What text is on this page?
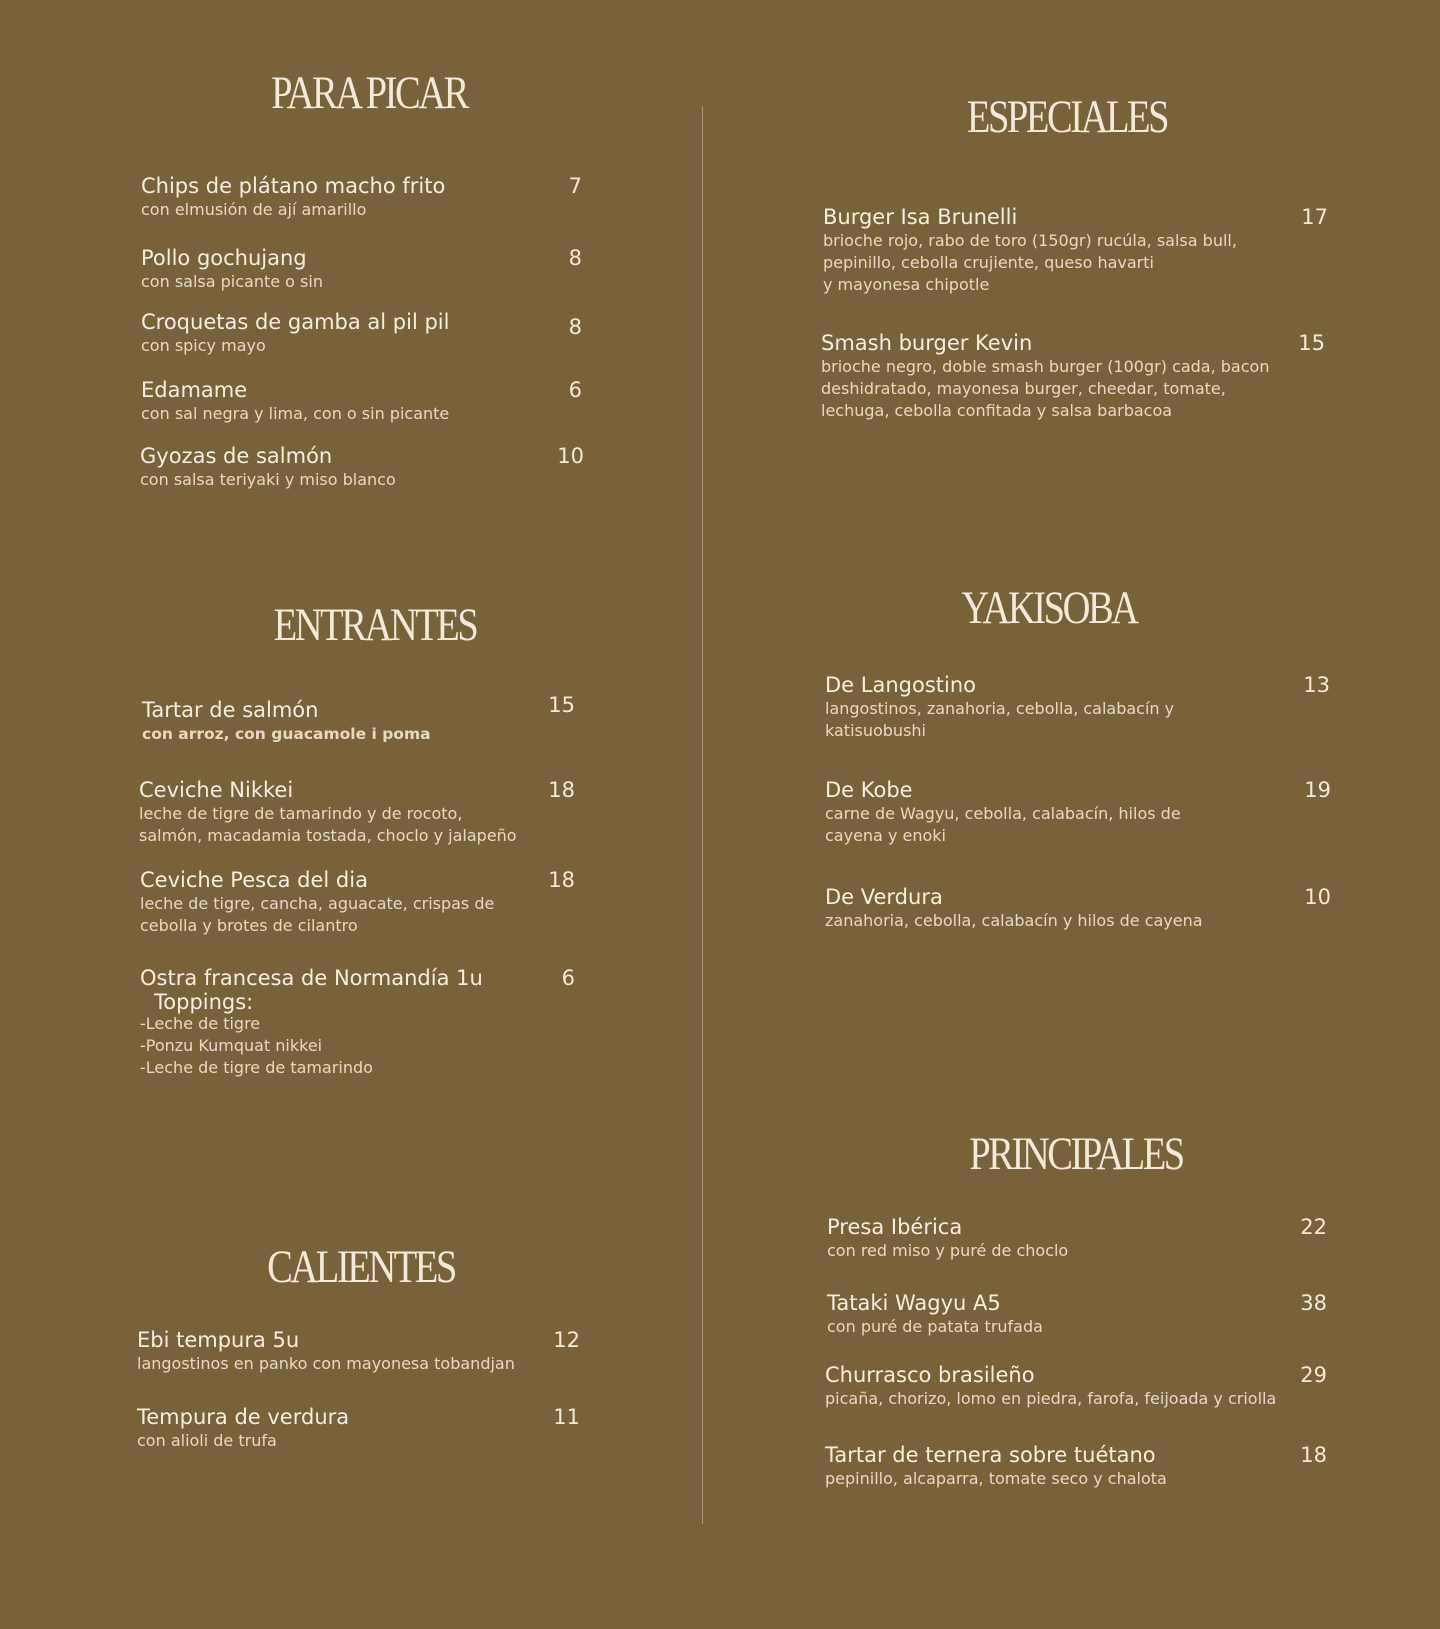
PARA PICAR
Chips de plátano macho frito
con elmusión de ají amarillo
7
Pollo gochujang
con salsa picante o sin
8
Croquetas de gamba al pil pil
con spicy mayo
8
Edamame
con sal negra y lima, con o sin picante
6
Gyozas de salmón
con salsa teriyaki y miso blanco
10
ENTRANTES
Tartar de salmón
con arroz, con guacamole i poma
15
Ceviche Nikkei
leche de tigre de tamarindo y de rocoto,
salmón, macadamia tostada, choclo y jalapeño
18
Ceviche Pesca del dia
leche de tigre, cancha, aguacate, crispas de
cebolla y brotes de cilantro
18
Ostra francesa de Normandía 1u
Toppings:
-Leche de tigre
-Ponzu Kumquat nikkei
-Leche de tigre de tamarindo
6
CALIENTES
Ebi tempura 5u
langostinos en panko con mayonesa tobandjan
12
Tempura de verdura
con alioli de trufa
11
ESPECIALES
Burger Isa Brunelli
brioche rojo, rabo de toro (150gr) rucúla, salsa bull,
pepinillo, cebolla crujiente, queso havarti
y mayonesa chipotle
17
Smash burger Kevin
brioche negro, doble smash burger (100gr) cada, bacon
deshidratado, mayonesa burger, cheedar, tomate,
lechuga, cebolla confitada y salsa barbacoa
15
YAKISOBA
De Langostino
langostinos, zanahoria, cebolla, calabacín y
katisuobushi
13
De Kobe
carne de Wagyu, cebolla, calabacín, hilos de
cayena y enoki
19
De Verdura
zanahoria, cebolla, calabacín y hilos de cayena
10
PRINCIPALES
Presa Ibérica
con red miso y puré de choclo
22
Tataki Wagyu A5
con puré de patata trufada
38
Churrasco brasileño
picaña, chorizo, lomo en piedra, farofa, feijoada y criolla
29
Tartar de ternera sobre tuétano
pepinillo, alcaparra, tomate seco y chalota
18
